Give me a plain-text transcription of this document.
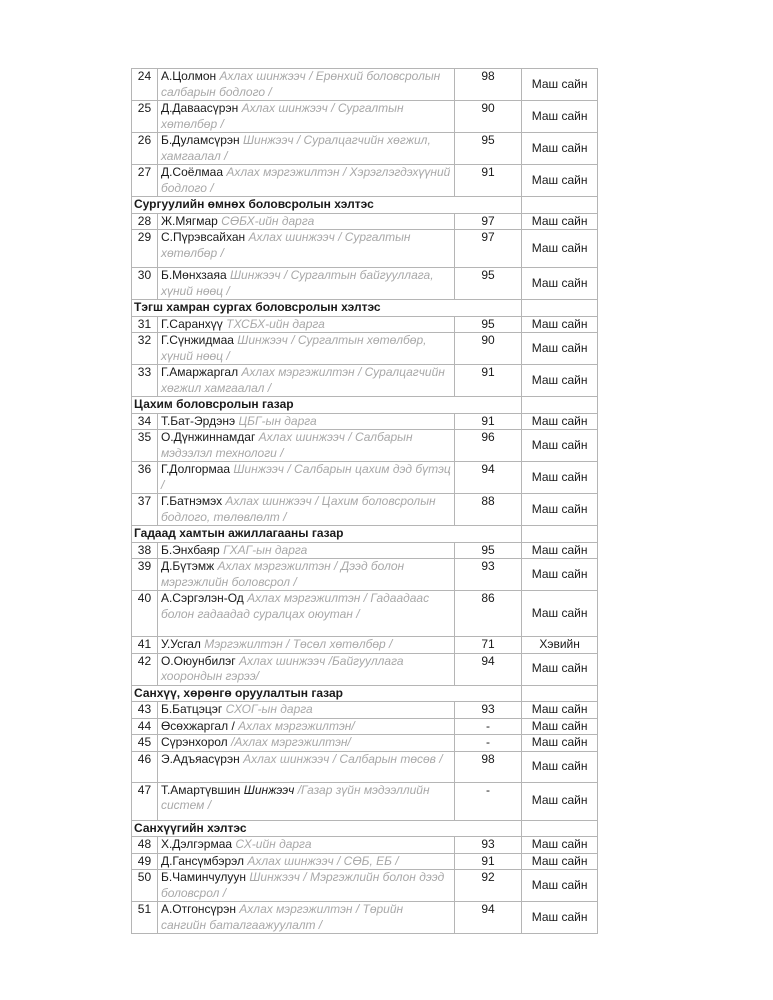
24	А.Цолмон Ахлах шинжээч / Ерөнхий боловсролын салбарын бодлого /	98	Маш сайн
25	Д.Даваасүрэн Ахлах шинжээч / Сургалтын хөтөлбөр /	90	Маш сайн
26	Б.Дуламсүрэн Шинжээч / Суралцагчийн хөгжил, хамгаалал /	95	Маш сайн
27	Д.Соёлмаа Ахлах мэргэжилтэн / Хэрэглэгдэхүүний бодлого /	91	Маш сайн
Сургуулийн өмнөх боловсролын хэлтэс			
28	Ж.Мягмар СӨБХ-ийн дарга	97	Маш сайн
29	С.Пүрэвсайхан Ахлах шинжээч / Сургалтын хөтөлбөр /	97	Маш сайн
30	Б.Мөнхзаяа Шинжээч / Сургалтын байгууллага, хүний нөөц /	95	Маш сайн
Тэгш хамран сургах боловсролын хэлтэс			
31	Г.Саранхүү ТХСБХ-ийн дарга	95	Маш сайн
32	Г.Сүнжидмаа Шинжээч / Сургалтын хөтөлбөр, хүний нөөц /	90	Маш сайн
33	Г.Амаржаргал Ахлах мэргэжилтэн / Суралцагчийн хөгжил хамгаалал /	91	Маш сайн
Цахим боловсролын газар			
34	Т.Бат-Эрдэнэ ЦБГ-ын дарга	91	Маш сайн
35	О.Дүнжиннамдаг Ахлах шинжээч / Салбарын мэдээлэл технологи /	96	Маш сайн
36	Г.Долгормаа Шинжээч / Салбарын цахим дэд бүтэц /	94	Маш сайн
37	Г.Батнэмэх Ахлах шинжээч / Цахим боловсролын бодлого, төлөвлөлт /	88	Маш сайн
Гадаад хамтын ажиллагааны газар			
38	Б.Энхбаяр ГХАГ-ын дарга	95	Маш сайн
39	Д.Бүтэмж Ахлах мэргэжилтэн / Дээд болон мэргэжлийн боловсрол /	93	Маш сайн
40	А.Сэргэлэн-Од Ахлах мэргэжилтэн / Гадаадаас болон гадаадад суралцах оюутан /	86	Маш сайн
41	У.Усгал Мэргэжилтэн / Төсөл хөтөлбөр /	71	Хэвийн
42	О.Оюунбилэг Ахлах шинжээч /Байгууллага хоорондын гэрээ/	94	Маш сайн
Санхүү, хөрөнгө оруулалтын газар			
43	Б.Батцэцэг СХОГ-ын дарга	93	Маш сайн
44	Өсөхжаргал / Ахлах мэргэжилтэн/	-	Маш сайн
45	Сүрэнхорол /Ахлах мэргэжилтэн/	-	Маш сайн
46	Э.Адъяасүрэн Ахлах шинжээч / Салбарын төсөв /	98	Маш сайн
47	Т.Амартүвшин Шинжээч /Газар зүйн мэдээллийн систем /	-	Маш сайн
Санхүүгийн хэлтэс			
48	Х.Дэлгэрмаа СХ-ийн дарга	93	Маш сайн
49	Д.Гансүмбэрэл Ахлах шинжээч / СӨБ, ЕБ /	91	Маш сайн
50	Б.Чаминчулуун Шинжээч / Мэргэжлийн болон дээд боловсрол /	92	Маш сайн
51	А.Отгонсүрэн Ахлах мэргэжилтэн / Төрийн сангийн баталгаажуулалт /	94	Маш сайн
